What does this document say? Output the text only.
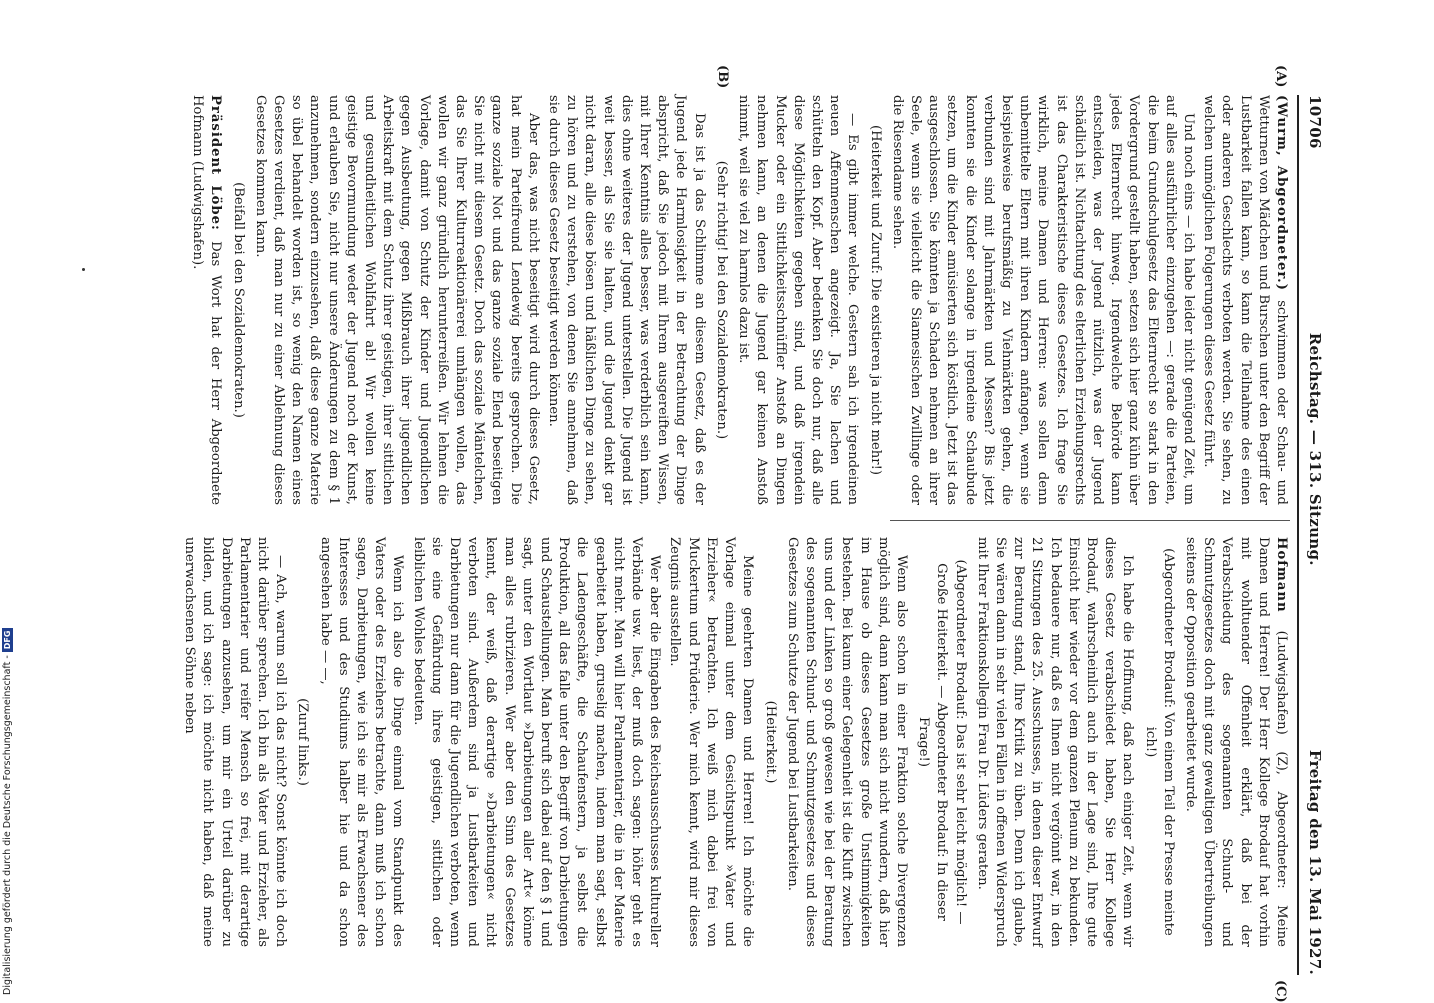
10706
Reichstag. — 313. Sitzung.
Freitag den 13. Mai 1927.
(A)
(B)
(C)

(Wurm, Abgeordneter.) schwimmen oder Schau- und Wetturnen von Mädchen und Burschen unter den Begriff der Lustbarkeit fallen kann, so kann die Teilnahme des einen oder anderen Geschlechts verboten werden. Sie sehen, zu welchen unmöglichen Folgerungen dieses Gesetz führt.

Und noch eins — ich habe leider nicht genügend Zeit, um auf alles ausführlicher einzugehen —: gerade die Parteien, die beim Grundschulgesetz das Elternrecht so stark in den Vordergrund gestellt haben, setzen sich hier ganz kühn über jedes Elternrecht hinweg. Irgendwelche Behörde kann entscheiden, was der Jugend nützlich, was der Jugend schädlich ist. Nichtachtung des elterlichen Erziehungsrechts ist das Charakteristische dieses Gesetzes. Ich frage Sie wirklich, meine Damen und Herren: was sollen denn unbemittelte Eltern mit ihren Kindern anfangen, wenn sie beispielsweise berufsmäßig zu Viehmärkten gehen, die verbunden sind mit Jahrmärkten und Messen? Bis jetzt konnten sie die Kinder solange in irgendeine Schaubude setzen, um die Kinder amüsierten sich köstlich. Jetzt ist das ausgeschlossen. Sie könnten ja Schaden nehmen an ihrer Seele, wenn sie vielleicht die Siamesischen Zwillinge oder die Riesendame sehen.

(Heiterkeit und Zuruf: Die existieren ja nicht mehr!)

— Es gibt immer welche. Gestern sah ich irgendeinen neuen Affenmenschen angezeigt. Ja, Sie lachen und schütteln den Kopf. Aber bedenken Sie doch nur, daß alle diese Möglichkeiten gegeben sind, und daß irgendein Mucker oder ein Sittlichkeitsschnüffler Anstoß an Dingen nehmen kann, an denen die Jugend gar keinen Anstoß nimmt, weil sie viel zu harmlos dazu ist.

(Sehr richtig! bei den Sozialdemokraten.)

Das ist ja das Schlimme an diesem Gesetz, daß es der Jugend jede Harmlosigkeit in der Betrachtung der Dinge abspricht, daß Sie jedoch mit Ihrem ausgereiften Wissen, mit Ihrer Kenntnis alles besser, was verderblich sein kann, dies ohne weiteres der Jugend unterstellen. Die Jugend ist weit besser, als Sie sie halten, und die Jugend denkt gar nicht daran, alle diese bösen und häßlichen Dinge zu sehen, zu hören und zu verstehen, von denen Sie annehmen, daß sie durch dieses Gesetz beseitigt werden können.

Aber das, was nicht beseitigt wird durch dieses Gesetz, hat mein Parteifreund Lendewig bereits gesprochen. Die ganze soziale Not und das ganze soziale Elend beseitigen Sie nicht mit diesem Gesetz. Doch das soziale Mäntelchen, das Sie Ihrer Kulturreaktionärerei umhängen wollen, das wollen wir ganz gründlich herunterreißen. Wir lehnen die Vorlage, damit von Schutz der Kinder und Jugendlichen gegen Ausbeutung, gegen Mißbrauch ihrer jugendlichen Arbeitskraft mit dem Schutz ihrer geistigen, ihrer sittlichen und gesundheitlichen Wohlfahrt ab! Wir wollen keine geistige Bevormundung weder der Jugend noch der Kunst, und erlauben Sie, nicht nur unsere Änderungen zu dem § 1 anzunehmen, sondern einzusehen, daß diese ganze Materie so übel behandelt worden ist, so wenig den Namen eines Gesetzes verdient, daß man nur zu einer Ablehnung dieses Gesetzes kommen kann.

(Beifall bei den Sozialdemokraten.)

Präsident Löbe: Das Wort hat der Herr Abgeordnete Hofmann (Ludwigshafen).

Hofmann (Ludwigshafen) (Z), Abgeordneter: Meine Damen und Herren! Der Herr Kollege Brodauf hat vorhin mit wohltuender Offenheit erklärt, daß bei der Verabschiedung des sogenannten Schund- und Schmutzgesetzes doch mit ganz gewaltigen Übertreibungen seitens der Opposition gearbeitet wurde.

(Abgeordneter Brodauf: Von einem Teil der Presse meinte ich!)

Ich habe die Hoffnung, daß nach einiger Zeit, wenn wir dieses Gesetz verabschiedet haben, Sie Herr Kollege Brodauf, wahrscheinlich auch in der Lage sind, Ihre gute Einsicht hier wieder vor dem ganzen Plenum zu bekunden. Ich bedauere nur, daß es Ihnen nicht vergönnt war, in den 21 Sitzungen des 25. Ausschusses, in denen dieser Entwurf zur Beratung stand, Ihre Kritik zu üben. Denn ich glaube, Sie wären dann in sehr vielen Fällen in offenen Widerspruch mit Ihrer Fraktionskollegin Frau Dr. Lüders geraten.

(Abgeordneter Brodauf: Das ist sehr leicht möglich! — Große Heiterkeit. — Abgeordneter Brodauf: In dieser Frage!)

Wenn also schon in einer Fraktion solche Divergenzen möglich sind, dann kann man sich nicht wundern, daß hier im Hause ob dieses Gesetzes große Unstimmigkeiten bestehen. Bei kaum einer Gelegenheit ist die Kluft zwischen uns und der Linken so groß gewesen wie bei der Beratung des sogenannten Schund- und Schmutzgesetzes und dieses Gesetzes zum Schutze der Jugend bei Lustbarkeiten.

(Heiterkeit.)

Meine geehrten Damen und Herren! Ich möchte die Vorlage einmal unter dem Gesichtspunkt »Vater und Erzieher« betrachten. Ich weiß mich dabei frei von Muckertum und Prüderie. Wer mich kennt, wird mir dieses Zeugnis ausstellen.

Wer aber die Eingaben des Reichsausschusses kultureller Verbände usw. liest, der muß doch sagen: höher geht es nicht mehr. Man will hier Parlamentarier, die in der Materie gearbeitet haben, gruselig machen, indem man sagt, selbst die Ladengeschäfte, die Schaufenstern, ja selbst die Produktion, all das falle unter den Begriff von Darbietungen und Schaustellungen. Man beruft sich dabei auf den § 1 und sagt, unter den Wortlaut »Darbietungen aller Art« könne man alles rubrizieren. Wer aber den Sinn des Gesetzes kennt, der weiß, daß derartige »Darbietungen« nicht verboten sind. Außerdem sind ja Lustbarkeiten und Darbietungen nur dann für die Jugendlichen verboten, wenn sie eine Gefährdung ihres geistigen, sittlichen oder leiblichen Wohles bedeuten.

Wenn ich also die Dinge einmal vom Standpunkt des Vaters oder des Erziehers betrachte, dann muß ich schon sagen, Darbietungen, wie ich sie mir als Erwachsener des Interesses und des Studiums halber hie und da schon angesehen habe — —,

(Zuruf links.)

— Ach, warum soll ich das nicht? Sonst könnte ich doch nicht darüber sprechen. Ich bin als Vater und Erzieher, als Parlamentarier und reifer Mensch so frei, mit derartige Darbietungen anzusehen, um mir ein Urteil darüber zu bilden, und ich sage: ich möchte nicht haben, daß meine unerwachsenen Söhne neben

Digitalisierung gefördert durch die Deutsche Forschungsgemeinschaft -
DFG
